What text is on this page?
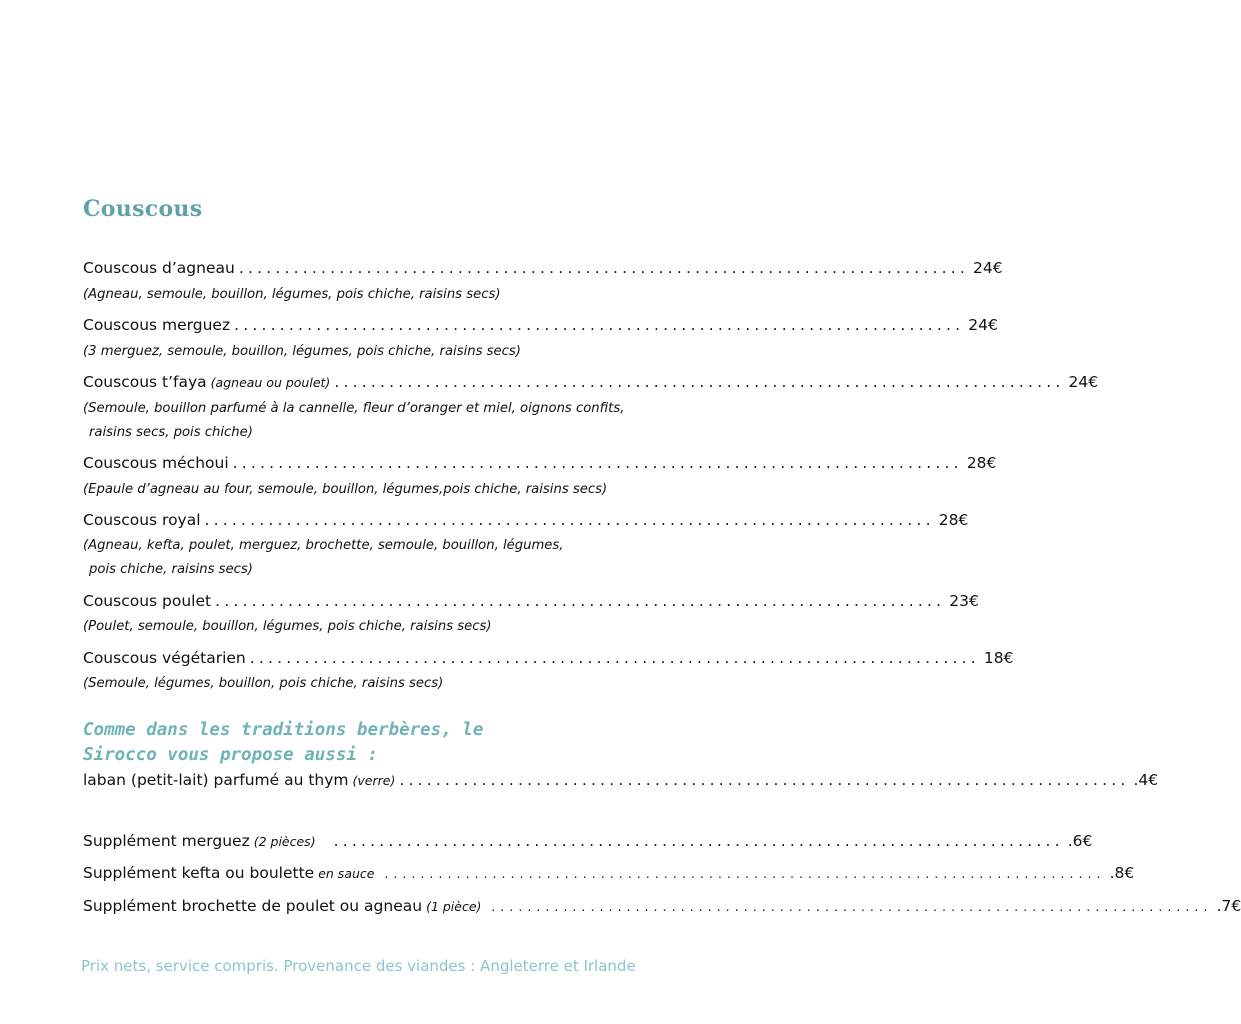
Couscous
Couscous d’agneau ................................................................................ 24€

(Agneau, semoule, bouillon, légumes, pois chiche, raisins secs)

Couscous merguez ................................................................................ 24€

(3 merguez, semoule, bouillon, légumes, pois chiche, raisins secs)

Couscous t’faya (agneau ou poulet) ................................................................................ 24€

(Semoule, bouillon parfumé à la cannelle, fleur d’oranger et miel, oignons confits,
raisins secs, pois chiche)

Couscous méchoui ................................................................................ 28€

(Epaule d’agneau au four, semoule, bouillon, légumes,pois chiche, raisins secs)

Couscous royal ................................................................................ 28€

(Agneau, kefta, poulet, merguez, brochette, semoule, bouillon, légumes,
pois chiche, raisins secs)

Couscous poulet ................................................................................ 23€

(Poulet, semoule, bouillon, légumes, pois chiche, raisins secs)

Couscous végétarien ................................................................................ 18€

(Semoule, légumes, bouillon, pois chiche, raisins secs)

Comme dans les traditions berbères, le
Sirocco vous propose aussi :

laban (petit-lait) parfumé au thym (verre) ................................................................................ .4€
Supplément merguez (2 pièces) ................................................................................ .6€
Supplément kefta ou boulette en sauce ................................................................................ .8€
Supplément brochette de poulet ou agneau (1 pièce) ................................................................................ .7€

Prix nets, service compris. Provenance des viandes : Angleterre et Irlande
